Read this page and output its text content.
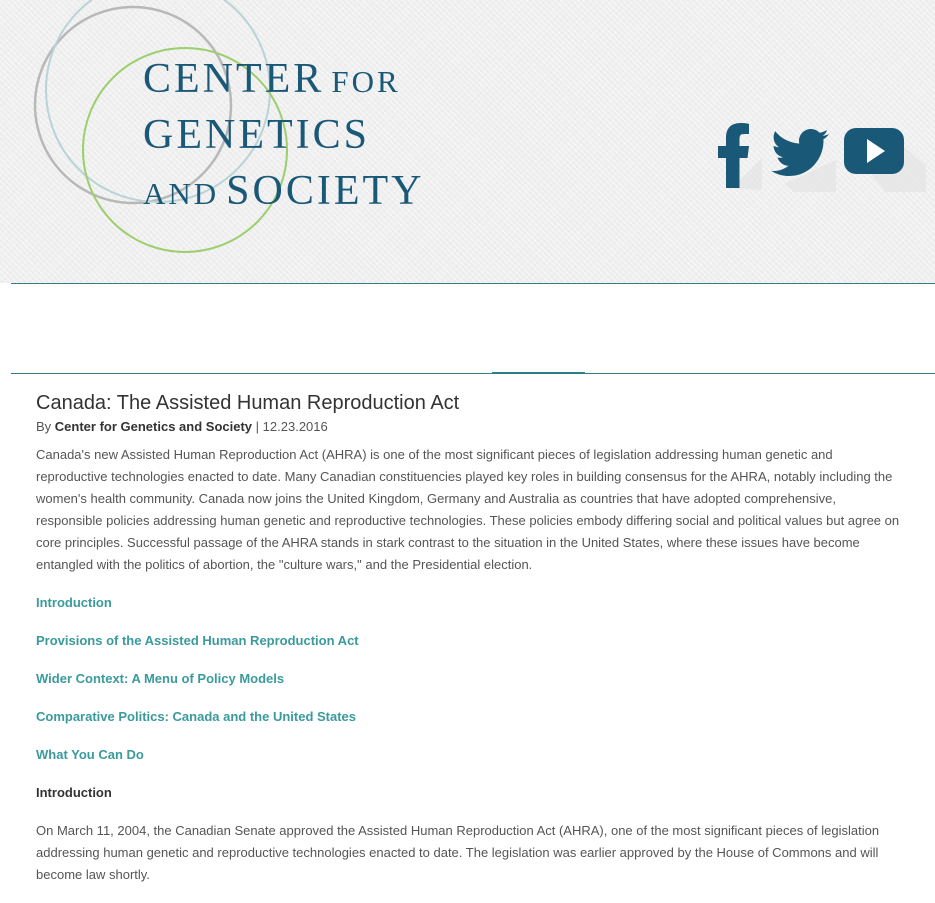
CENTER FOR
GENETICS
AND SOCIETY
Canada: The Assisted Human Reproduction Act
By Center for Genetics and Society | 12.23.2016

Canada's new Assisted Human Reproduction Act (AHRA) is one of the most significant pieces of legislation addressing human genetic and reproductive technologies enacted to date. Many Canadian constituencies played key roles in building consensus for the AHRA, notably including the women's health community. Canada now joins the United Kingdom, Germany and Australia as countries that have adopted comprehensive, responsible policies addressing human genetic and reproductive technologies. These policies embody differing social and political values but agree on core principles. Successful passage of the AHRA stands in stark contrast to the situation in the United States, where these issues have become entangled with the politics of abortion, the "culture wars," and the Presidential election.

Introduction
Provisions of the Assisted Human Reproduction Act
Wider Context: A Menu of Policy Models
Comparative Politics: Canada and the United States
What You Can Do
Introduction

On March 11, 2004, the Canadian Senate approved the Assisted Human Reproduction Act (AHRA), one of the most significant pieces of legislation addressing human genetic and reproductive technologies enacted to date. The legislation was earlier approved by the House of Commons and will become law shortly.
